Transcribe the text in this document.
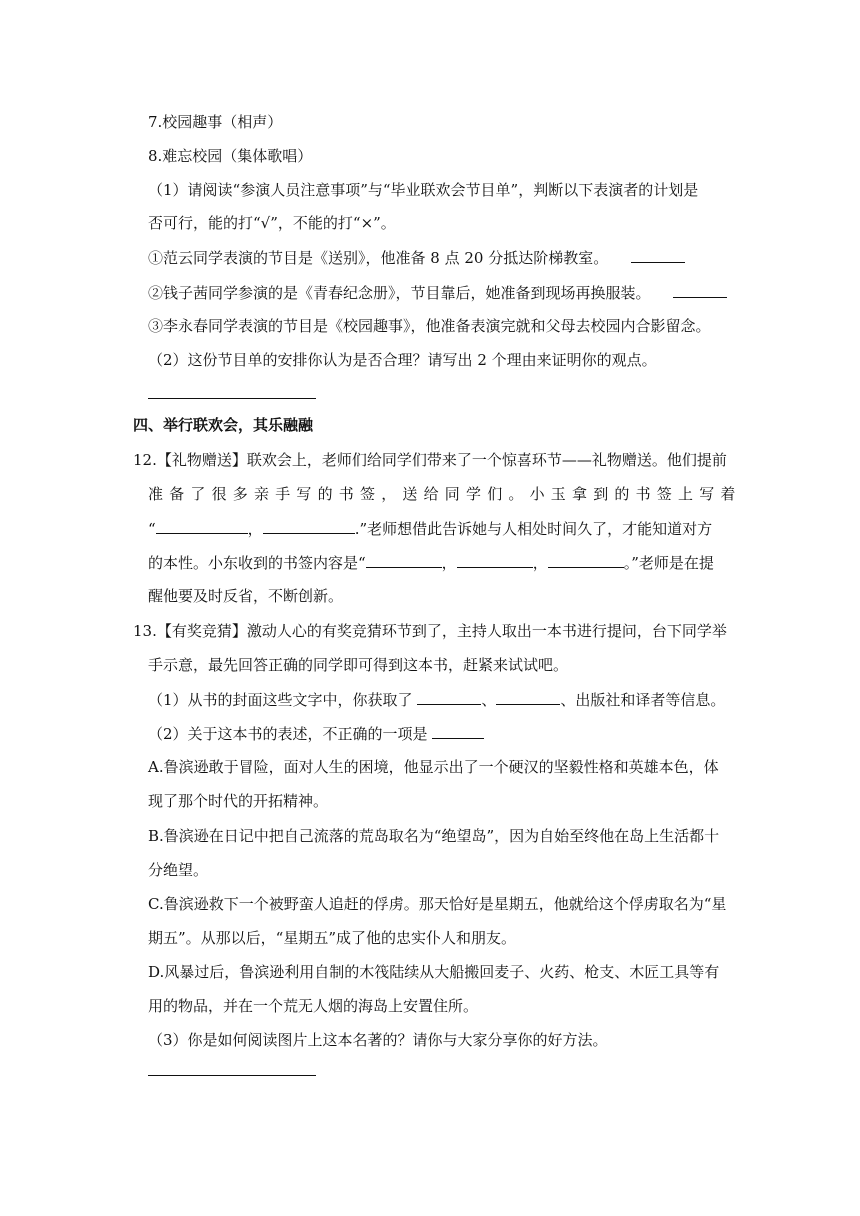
7.校园趣事（相声）
8.难忘校园（集体歌唱）
（1）请阅读“参演人员注意事项”与“毕业联欢会节目单”，判断以下表演者的计划是
否可行，能的打“√”，不能的打“×”。
①范云同学表演的节目是《送别》，他准备 8 点 20 分抵达阶梯教室。
②钱子茜同学参演的是《青春纪念册》，节目靠后，她准备到现场再换服装。
③李永春同学表演的节目是《校园趣事》，他准备表演完就和父母去校园内合影留念。
（2）这份节目单的安排你认为是否合理？请写出 2 个理由来证明你的观点。
四、举行联欢会，其乐融融
12.【礼物赠送】联欢会上，老师们给同学们带来了一个惊喜环节——礼物赠送。他们提前
准备了很多亲手写的书签，送给同学们。小玉拿到的书签上写着
“	，	.”老师想借此告诉她与人相处时间久了，才能知道对方
的本性。小东收到的书签内容是“	，	，	。”老师是在提
醒他要及时反省，不断创新。
13.【有奖竞猜】激动人心的有奖竞猜环节到了，主持人取出一本书进行提问，台下同学举
手示意，最先回答正确的同学即可得到这本书，赶紧来试试吧。
（1）从书的封面这些文字中，你获取了	、	、出版社和译者等信息。
（2）关于这本书的表述，不正确的一项是
A.鲁滨逊敢于冒险，面对人生的困境，他显示出了一个硬汉的坚毅性格和英雄本色，体
现了那个时代的开拓精神。
B.鲁滨逊在日记中把自己流落的荒岛取名为“绝望岛”，因为自始至终他在岛上生活都十
分绝望。
C.鲁滨逊救下一个被野蛮人追赶的俘虏。那天恰好是星期五，他就给这个俘虏取名为“星
期五”。从那以后，“星期五”成了他的忠实仆人和朋友。
D.风暴过后，鲁滨逊利用自制的木筏陆续从大船搬回麦子、火药、枪支、木匠工具等有
用的物品，并在一个荒无人烟的海岛上安置住所。
（3）你是如何阅读图片上这本名著的？请你与大家分享你的好方法。
